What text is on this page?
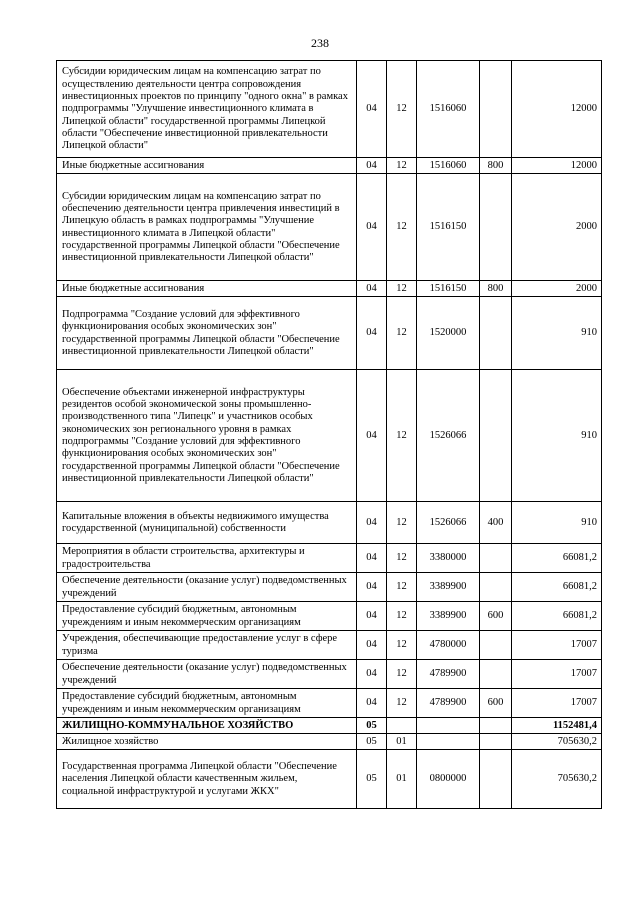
238
Субсидии юридическим лицам на компенсацию затрат по осуществлению деятельности центра сопровождения инвестиционных проектов по принципу "одного окна" в рамках подпрограммы "Улучшение инвестиционного климата в Липецкой области" государственной программы Липецкой области "Обеспечение инвестиционной привлекательности Липецкой области"	04	12	1516060		12000
Иные бюджетные ассигнования	04	12	1516060	800	12000
Субсидии юридическим лицам на компенсацию затрат по обеспечению деятельности центра привлечения инвестиций в Липецкую область в рамках подпрограммы "Улучшение инвестиционного климата в Липецкой области" государственной программы Липецкой области "Обеспечение инвестиционной привлекательности Липецкой области"	04	12	1516150		2000
Иные бюджетные ассигнования	04	12	1516150	800	2000
Подпрограмма "Создание условий для эффективного функционирования особых экономических зон" государственной программы Липецкой области "Обеспечение инвестиционной привлекательности Липецкой области"	04	12	1520000		910
Обеспечение объектами инженерной инфраструктуры резидентов особой экономической зоны промышленно-производственного типа "Липецк" и участников особых экономических зон регионального уровня в рамках подпрограммы "Создание условий для эффективного функционирования особых экономических зон" государственной программы Липецкой области "Обеспечение инвестиционной привлекательности Липецкой области"	04	12	1526066		910
Капитальные вложения в объекты недвижимого имущества государственной (муниципальной) собственности	04	12	1526066	400	910
Мероприятия в области строительства, архитектуры и градостроительства	04	12	3380000		66081,2
Обеспечение деятельности (оказание услуг) подведомственных учреждений	04	12	3389900		66081,2
Предоставление субсидий бюджетным, автономным учреждениям и иным некоммерческим организациям	04	12	3389900	600	66081,2
Учреждения, обеспечивающие предоставление услуг в сфере туризма	04	12	4780000		17007
Обеспечение деятельности (оказание услуг) подведомственных учреждений	04	12	4789900		17007
Предоставление субсидий бюджетным, автономным учреждениям и иным некоммерческим организациям	04	12	4789900	600	17007
ЖИЛИЩНО-КОММУНАЛЬНОЕ ХОЗЯЙСТВО	05				1152481,4
Жилищное хозяйство	05	01			705630,2
Государственная программа Липецкой области "Обеспечение населения Липецкой области качественным жильем, социальной инфраструктурой и услугами ЖКХ"	05	01	0800000		705630,2
